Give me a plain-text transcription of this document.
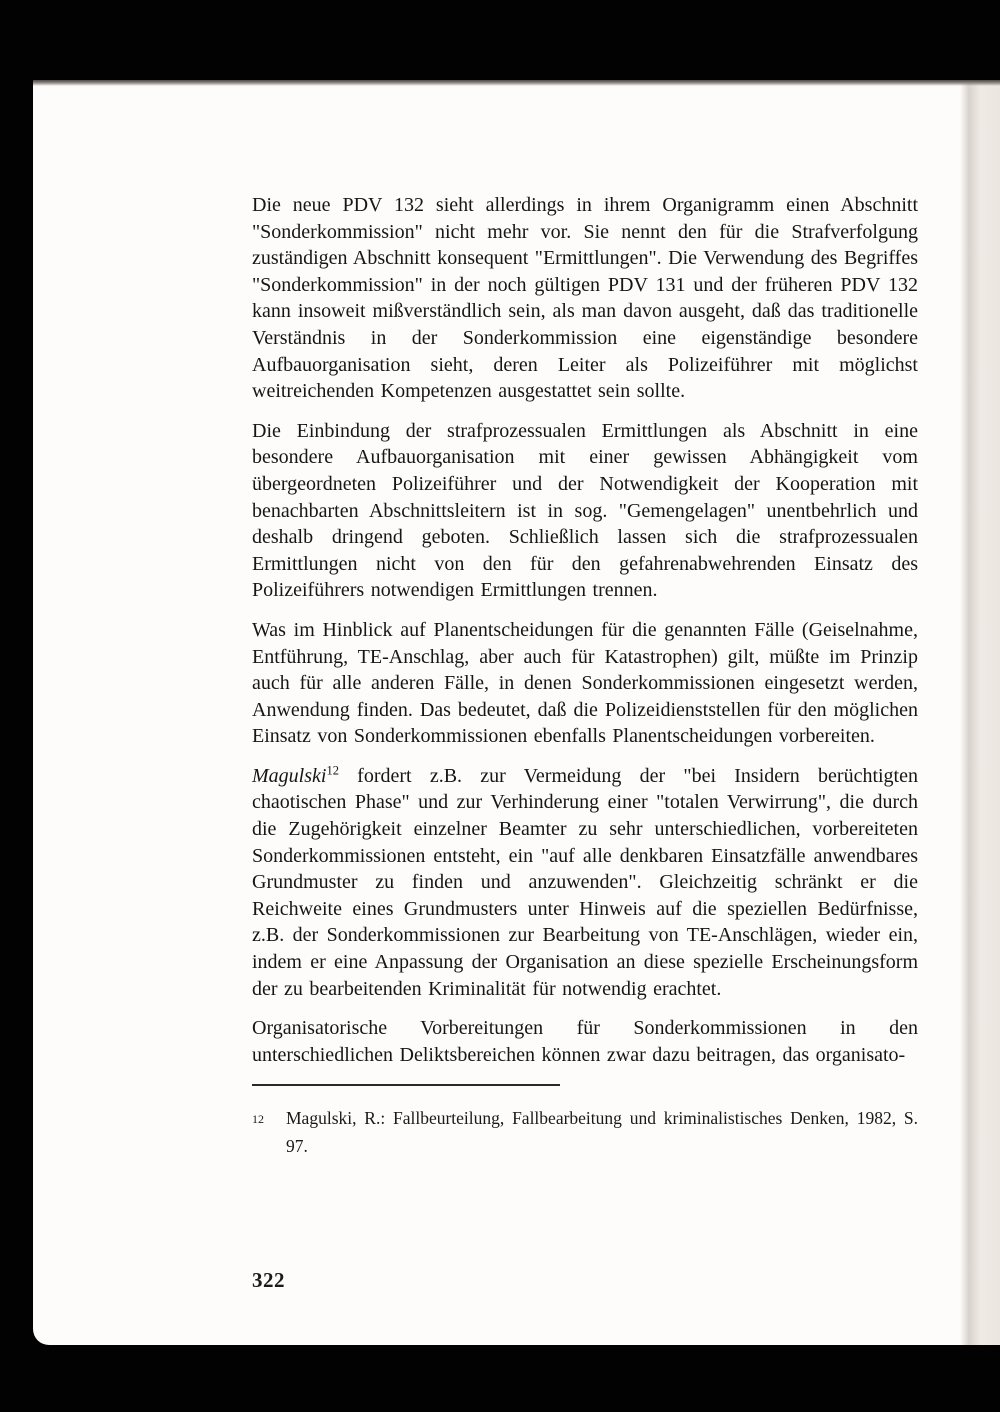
Die neue PDV 132 sieht allerdings in ihrem Organigramm einen Abschnitt "Sonderkommission" nicht mehr vor. Sie nennt den für die Strafverfolgung zuständigen Abschnitt konsequent "Ermittlungen". Die Verwendung des Begriffes "Sonderkommission" in der noch gültigen PDV 131 und der früheren PDV 132 kann insoweit mißverständlich sein, als man davon ausgeht, daß das traditionelle Verständnis in der Sonderkommission eine eigenständige besondere Aufbauorganisation sieht, deren Leiter als Polizeiführer mit möglichst weitreichenden Kompetenzen ausgestattet sein sollte.

Die Einbindung der strafprozessualen Ermittlungen als Abschnitt in eine besondere Aufbauorganisation mit einer gewissen Abhängigkeit vom übergeordneten Polizeiführer und der Notwendigkeit der Kooperation mit benachbarten Abschnittsleitern ist in sog. "Gemengelagen" unentbehrlich und deshalb dringend geboten. Schließlich lassen sich die strafprozessualen Ermittlungen nicht von den für den gefahrenabwehrenden Einsatz des Polizeiführers notwendigen Ermittlungen trennen.

Was im Hinblick auf Planentscheidungen für die genannten Fälle (Geiselnahme, Entführung, TE-Anschlag, aber auch für Katastrophen) gilt, müßte im Prinzip auch für alle anderen Fälle, in denen Sonderkommissionen eingesetzt werden, Anwendung finden. Das bedeutet, daß die Polizeidienststellen für den möglichen Einsatz von Sonderkommissionen ebenfalls Planentscheidungen vorbereiten.

Magulski$^{12}$ fordert z.B. zur Vermeidung der "bei Insidern berüchtigten chaotischen Phase" und zur Verhinderung einer "totalen Verwirrung", die durch die Zugehörigkeit einzelner Beamter zu sehr unterschiedlichen, vorbereiteten Sonderkommissionen entsteht, ein "auf alle denkbaren Einsatzfälle anwendbares Grundmuster zu finden und anzuwenden". Gleichzeitig schränkt er die Reichweite eines Grundmusters unter Hinweis auf die speziellen Bedürfnisse, z.B. der Sonderkommissionen zur Bearbeitung von TE-Anschlägen, wieder ein, indem er eine Anpassung der Organisation an diese spezielle Erscheinungsform der zu bearbeitenden Kriminalität für notwendig erachtet.

Organisatorische Vorbereitungen für Sonderkommissionen in den unterschiedlichen Deliktsbereichen können zwar dazu beitragen, das organisato-

12 Magulski, R.: Fallbeurteilung, Fallbearbeitung und kriminalistisches Denken, 1982, S. 97.
322
